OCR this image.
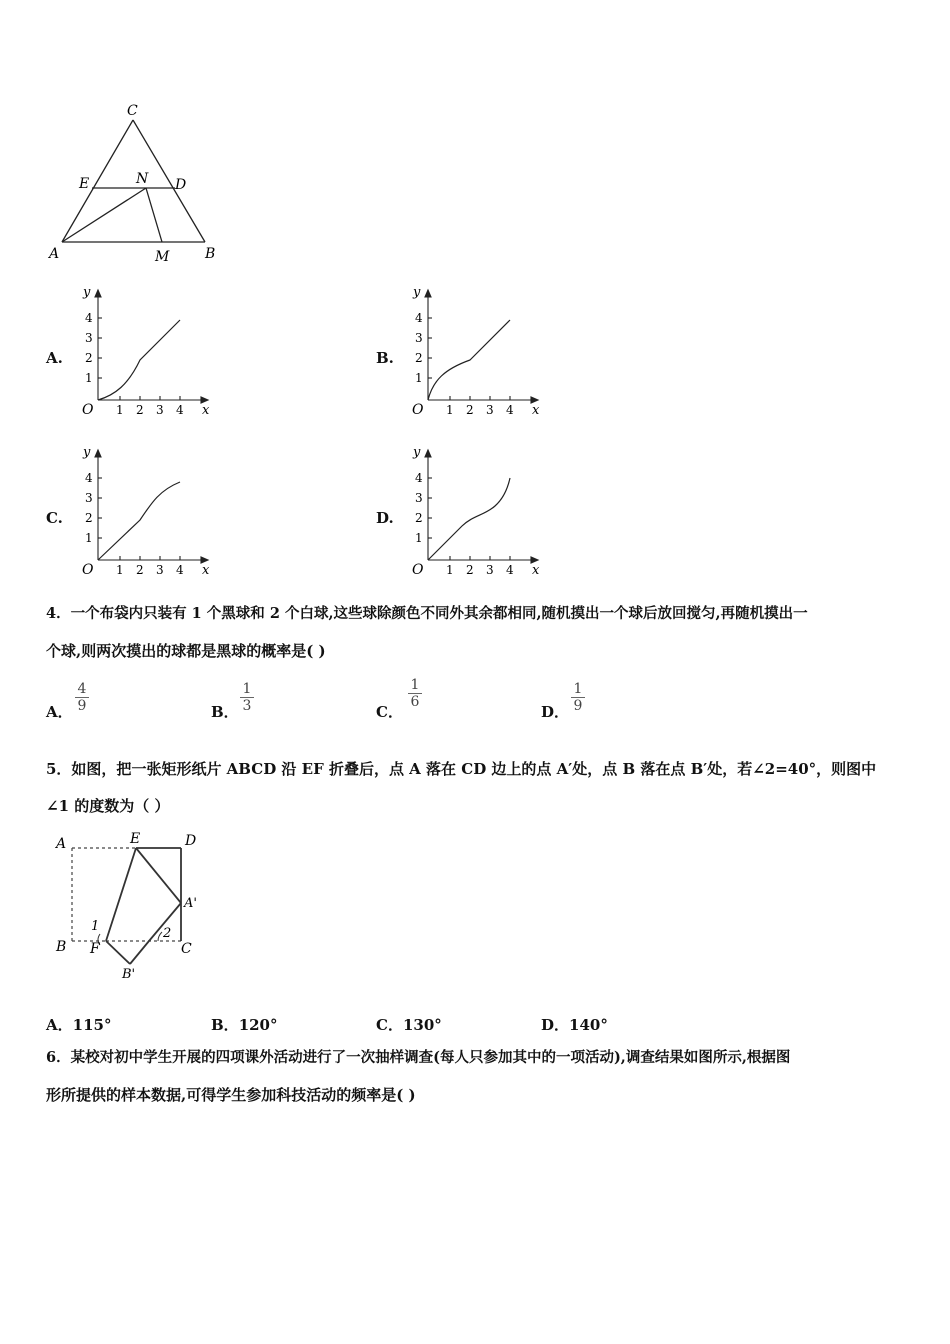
C
E	N D
A	M	B
A.
y
x
O
1
2
3
4
1 2 3 4
B.
y
x
O
1
2
3
4
1 2 3 4
C.
y
x
O
1
2
3
4
1 2 3 4
D.
y
x
O
1
2
3
4
1 2 3 4
4．一个布袋内只装有 1 个黑球和 2 个白球,这些球除颜色不同外其余都相同,随机摸出一个球后放回搅匀,再随机摸出一
个球,则两次摸出的球都是黑球的概率是( )
A． $\frac{4}{9}$	B． $\frac{1}{3}$	C．
$\frac{1}{6}$
D． $\frac{1}{9}$
5．如图，把一张矩形纸片 ABCD 沿 EF 折叠后，点 A 落在 CD 边上的点 A′处，点 B 落在点 B′处，若∠2=40°，则图中
∠1 的度数为（ ）
A	E	D
A'
1	2
B F	C
B'
A．115°	B．120°	C．130°	D．140°
6．某校对初中学生开展的四项课外活动进行了一次抽样调查(每人只参加其中的一项活动),调查结果如图所示,根据图
形所提供的样本数据,可得学生参加科技活动的频率是( )
